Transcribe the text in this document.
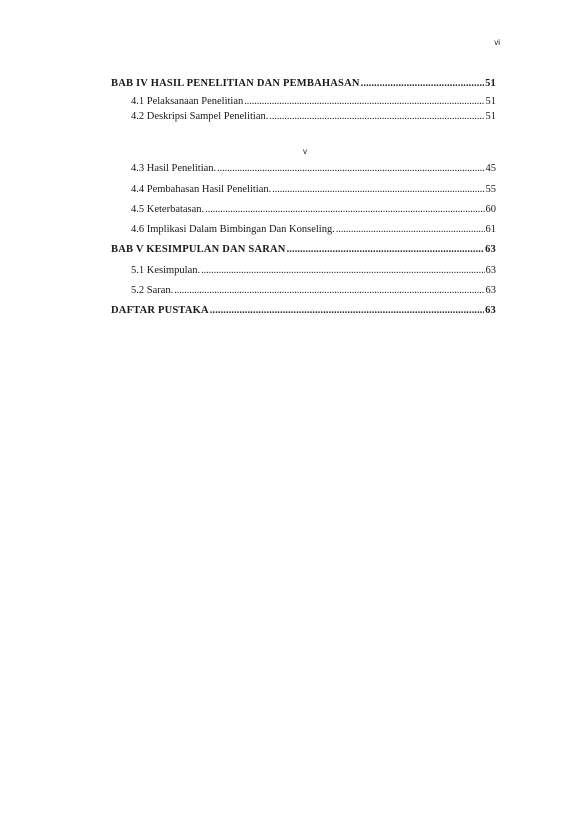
vi
BAB IV HASIL PENELITIAN DAN PEMBAHASAN .....	51
4.1 Pelaksanaan Penelitian .....	51
4.2 Deskripsi Sampel Penelitian. .....	51
v
4.3 Hasil Penelitian. .....	45
4.4 Pembahasan Hasil Penelitian. .....	55
4.5 Keterbatasan. .....	60
4.6 Implikasi Dalam Bimbingan Dan Konseling. .....	61
BAB V KESIMPULAN DAN SARAN .....	63
5.1 Kesimpulan. .....	63
5.2 Saran. .....	63
DAFTAR PUSTAKA .....	63
